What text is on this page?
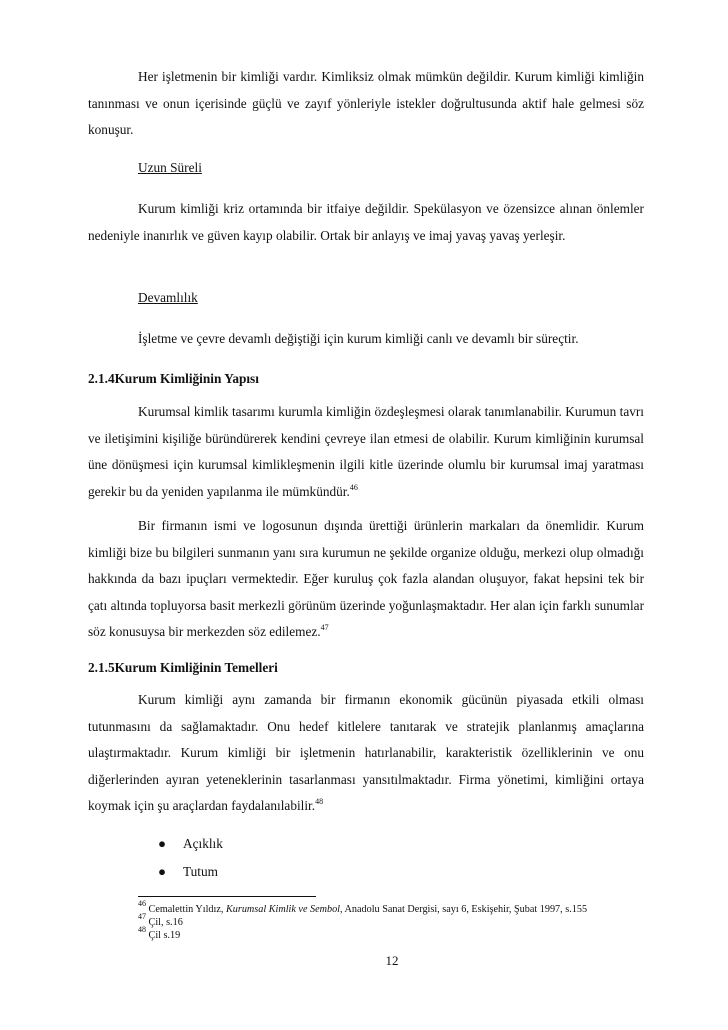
Her işletmenin bir kimliği vardır. Kimliksiz olmak mümkün değildir. Kurum kimliği kimliğin tanınması ve onun içerisinde güçlü ve zayıf yönleriyle istekler doğrultusunda aktif hale gelmesi söz konuşur.
Uzun Süreli
Kurum kimliği kriz ortamında bir itfaiye değildir. Spekülasyon ve özensizce alınan önlemler nedeniyle inanırlık ve güven kayıp olabilir. Ortak bir anlayış ve imaj yavaş yavaş yerleşir.
Devamlılık
İşletme ve çevre devamlı değiştiği için kurum kimliği canlı ve devamlı bir süreçtir.
2.1.4Kurum Kimliğinin Yapısı
Kurumsal kimlik tasarımı kurumla kimliğin özdeşleşmesi olarak tanımlanabilir. Kurumun tavrı ve iletişimini kişiliğe büründürerek kendini çevreye ilan etmesi de olabilir. Kurum kimliğinin kurumsal üne dönüşmesi için kurumsal kimlikleşmenin ilgili kitle üzerinde olumlu bir kurumsal imaj yaratması gerekir bu da yeniden yapılanma ile mümkündür.$^{46}$
Bir firmanın ismi ve logosunun dışında ürettiği ürünlerin markaları da önemlidir. Kurum kimliği bize bu bilgileri sunmanın yanı sıra kurumun ne şekilde organize olduğu, merkezi olup olmadığı hakkında da bazı ipuçları vermektedir. Eğer kuruluş çok fazla alandan oluşuyor, fakat hepsini tek bir çatı altında topluyorsa basit merkezli görünüm üzerinde yoğunlaşmaktadır. Her alan için farklı sunumlar söz konusuysa bir merkezden söz edilemez.$^{47}$
2.1.5Kurum Kimliğinin Temelleri
Kurum kimliği aynı zamanda bir firmanın ekonomik gücünün piyasada etkili olması tutunmasını da sağlamaktadır. Onu hedef kitlelere tanıtarak ve stratejik planlanmış amaçlarına ulaştırmaktadır. Kurum kimliği bir işletmenin hatırlanabilir, karakteristik özelliklerinin ve onu diğerlerinden ayıran yeteneklerinin tasarlanması yansıtılmaktadır. Firma yönetimi, kimliğini ortaya koymak için şu araçlardan faydalanılabilir.$^{48}$
● Açıklık
● Tutum
$^{46}$ Cemalettin Yıldız, Kurumsal Kimlik ve Sembol, Anadolu Sanat Dergisi, sayı 6, Eskişehir, Şubat 1997, s.155
$^{47}$ Çil, s.16
$^{48}$ Çil s.19
12
